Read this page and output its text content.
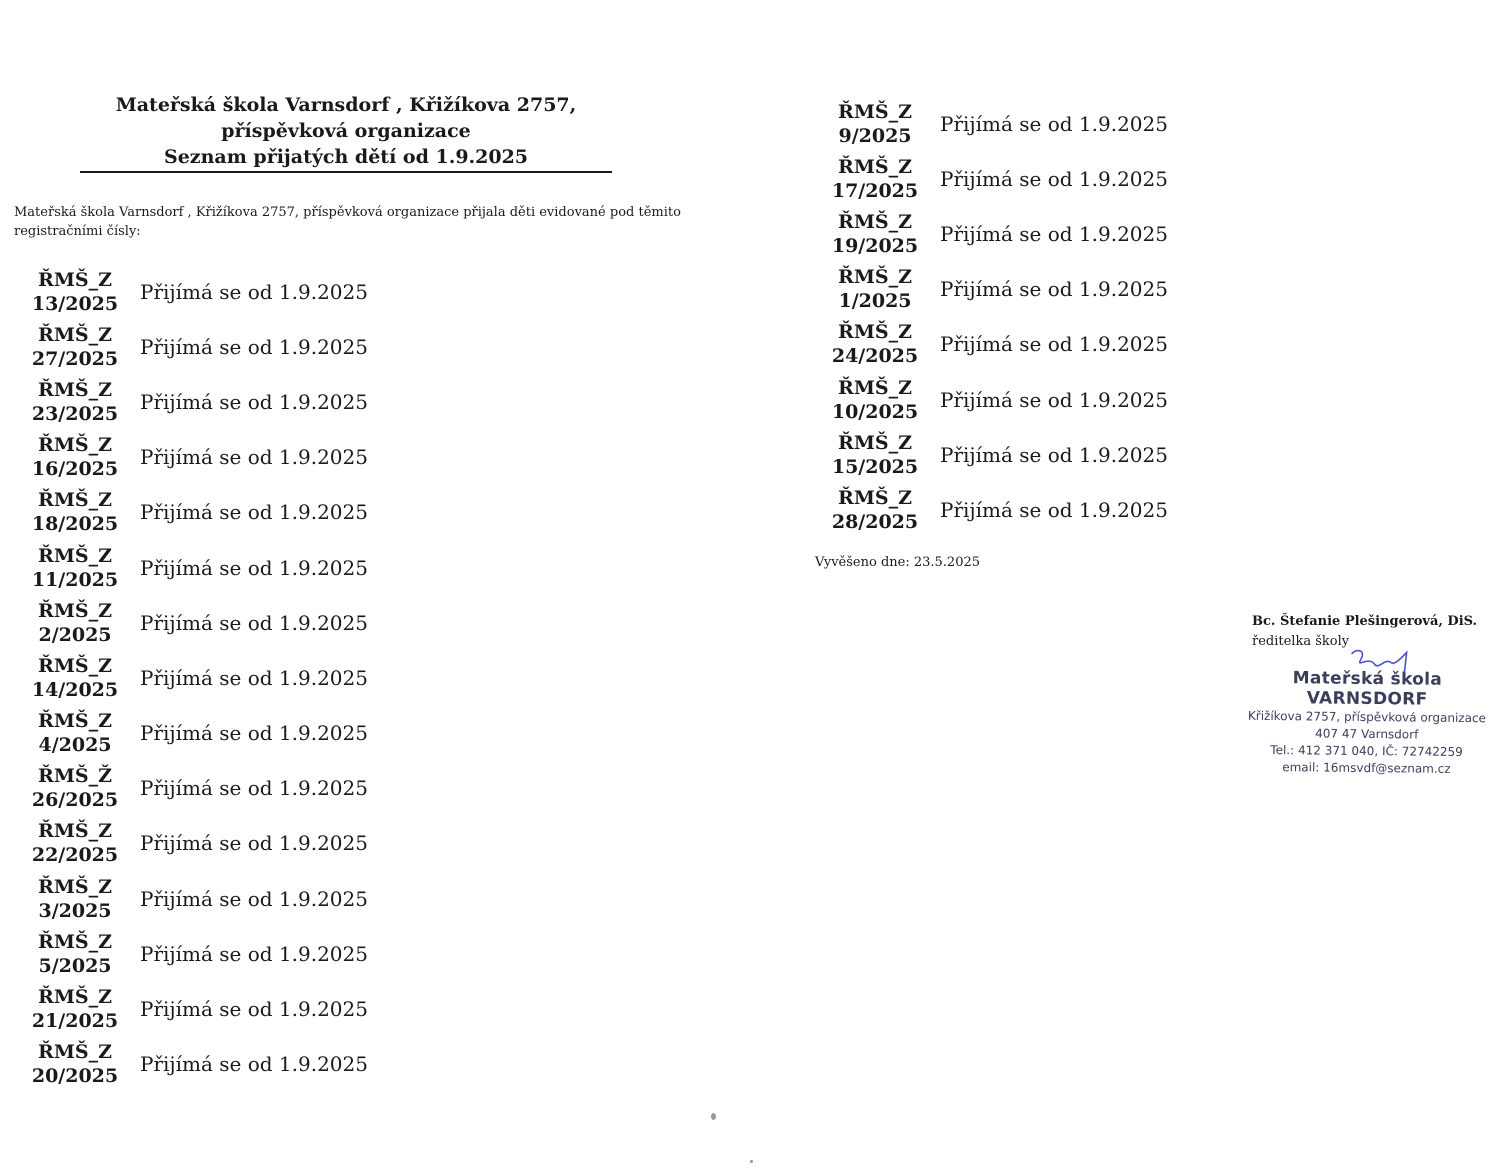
Mateřská škola Varnsdorf , Křižíkova 2757,
příspěvková organizace
Seznam přijatých dětí od 1.9.2025
Mateřská škola Varnsdorf , Křižíkova 2757, příspěvková organizace přijala děti evidované pod těmito registračními čísly:
ŘMŠ_Z
13/2025	Přijímá se od 1.9.2025
ŘMŠ_Z
27/2025	Přijímá se od 1.9.2025
ŘMŠ_Z
23/2025	Přijímá se od 1.9.2025
ŘMŠ_Z
16/2025	Přijímá se od 1.9.2025
ŘMŠ_Z
18/2025	Přijímá se od 1.9.2025
ŘMŠ_Z
11/2025	Přijímá se od 1.9.2025
ŘMŠ_Z
2/2025	Přijímá se od 1.9.2025
ŘMŠ_Z
14/2025	Přijímá se od 1.9.2025
ŘMŠ_Z
4/2025	Přijímá se od 1.9.2025
ŘMŠ_Ž
26/2025	Přijímá se od 1.9.2025
ŘMŠ_Z
22/2025	Přijímá se od 1.9.2025
ŘMŠ_Z
3/2025	Přijímá se od 1.9.2025
ŘMŠ_Z
5/2025	Přijímá se od 1.9.2025
ŘMŠ_Z
21/2025	Přijímá se od 1.9.2025
ŘMŠ_Z
20/2025	Přijímá se od 1.9.2025
ŘMŠ_Z
9/2025	Přijímá se od 1.9.2025
ŘMŠ_Z
17/2025	Přijímá se od 1.9.2025
ŘMŠ_Z
19/2025	Přijímá se od 1.9.2025
ŘMŠ_Z
1/2025	Přijímá se od 1.9.2025
ŘMŠ_Z
24/2025	Přijímá se od 1.9.2025
ŘMŠ_Z
10/2025	Přijímá se od 1.9.2025
ŘMŠ_Z
15/2025	Přijímá se od 1.9.2025
ŘMŠ_Z
28/2025	Přijímá se od 1.9.2025
Vyvěšeno dne: 23.5.2025
Bc. Štefanie Plešingerová, DiS.
ředitelka školy
Mateřská škola VARNSDORF
Křižíkova 2757, příspěvková organizace
407 47 Varnsdorf
Tel.: 412 371 040, IČ: 72742259
email: 16msvdf@seznam.cz
